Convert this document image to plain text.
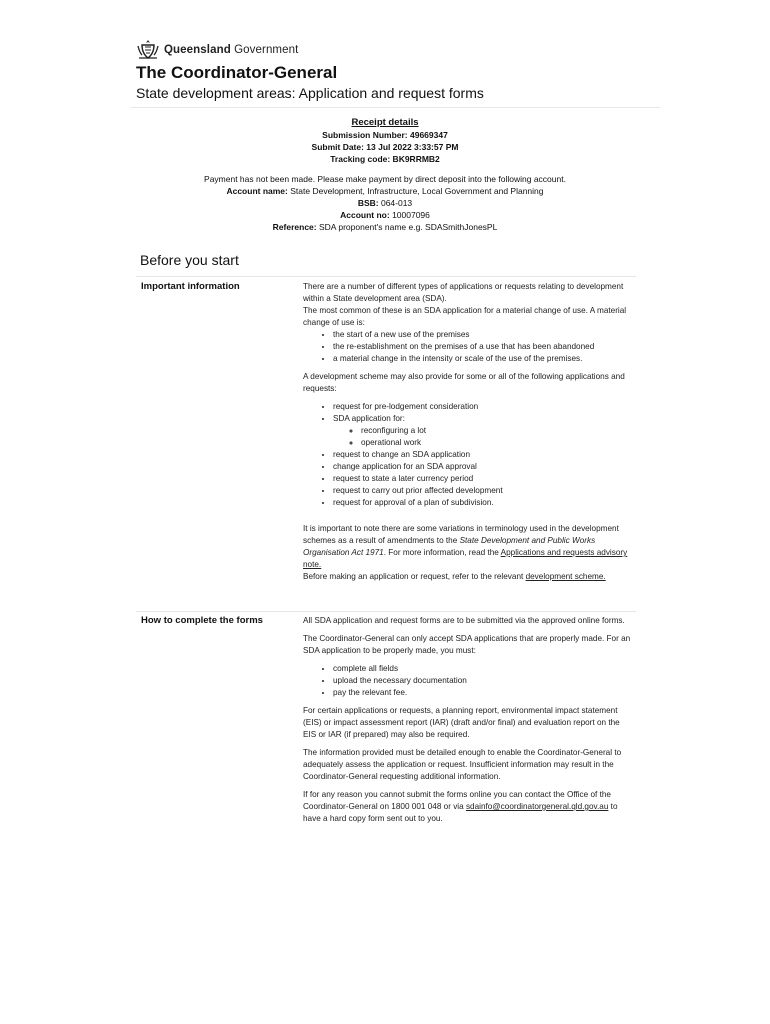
Queensland Government
The Coordinator-General
State development areas: Application and request forms
Receipt details
Submission Number: 49669347
Submit Date: 13 Jul 2022 3:33:57 PM
Tracking code: BK9RRMB2
Payment has not been made. Please make payment by direct deposit into the following account.
Account name: State Development, Infrastructure, Local Government and Planning
BSB: 064-013
Account no: 10007096
Reference: SDA proponent's name e.g. SDASmithJonesPL
Before you start
Important information	There are a number of different types of applications or requests relating to development within a State development area (SDA).
The most common of these is an SDA application for a material change of use. A material change of use is:

• the start of a new use of the premises
• the re-establishment on the premises of a use that has been abandoned
• a material change in the intensity or scale of the use of the premises.

A development scheme may also provide for some or all of the following applications and requests:

• request for pre-lodgement consideration
• SDA application for:
◦ reconfiguring a lot
◦ operational work
• request to change an SDA application
• change application for an SDA approval
• request to state a later currency period
• request to carry out prior affected development
• request for approval of a plan of subdivision.

It is important to note there are some variations in terminology used in the development schemes as a result of amendments to the State Development and Public Works Organisation Act 1971. For more information, read the Applications and requests advisory note.
Before making an application or request, refer to the relevant development scheme.

How to complete the forms	All SDA application and request forms are to be submitted via the approved online forms.

The Coordinator-General can only accept SDA applications that are properly made. For an SDA application to be properly made, you must:

• complete all fields
• upload the necessary documentation
• pay the relevant fee.

For certain applications or requests, a planning report, environmental impact statement (EIS) or impact assessment report (IAR) (draft and/or final) and evaluation report on the EIS or IAR (if prepared) may also be required.

The information provided must be detailed enough to enable the Coordinator-General to adequately assess the application or request. Insufficient information may result in the Coordinator-General requesting additional information.

If for any reason you cannot submit the forms online you can contact the Office of the Coordinator-General on 1800 001 048 or via sdainfo@coordinatorgeneral.qld.gov.au to have a hard copy form sent out to you.
